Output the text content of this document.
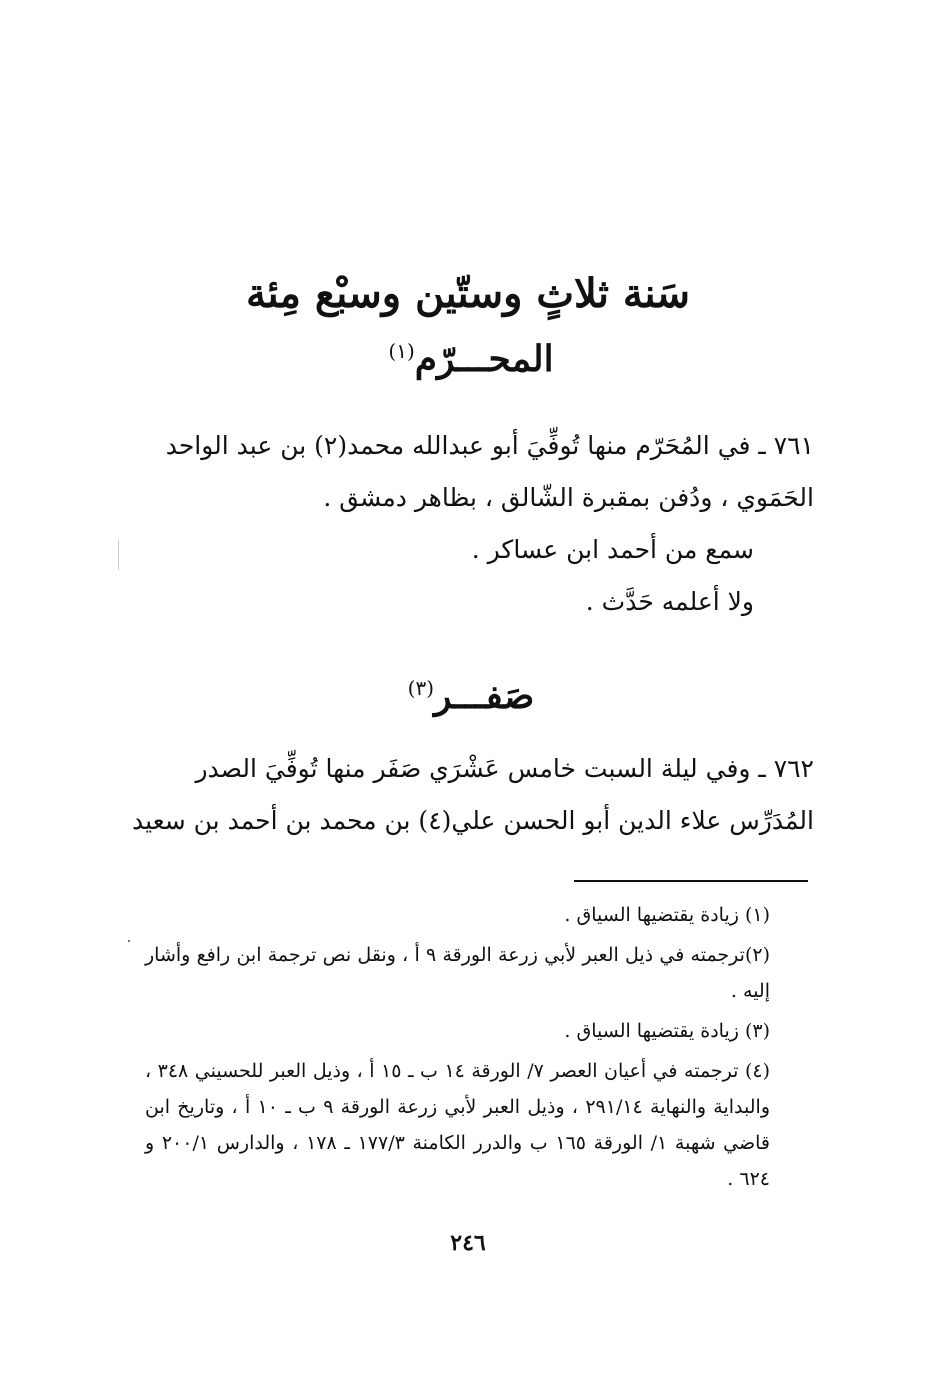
سَنة ثلاثٍ وستّين وسبْع مِئة
المحـــرّم$^{(١)}$
٧٦١ ـ في المُحَرّم منها تُوفِّيَ أبو عبدالله محمد(٢) بن عبد الواحد
الحَمَوي ، ودُفن بمقبرة الشّالق ، بظاهر دمشق .
سمع من أحمد ابن عساكر .
ولا أعلمه حَدَّث .
صَفـــر$^{(٣)}$
٧٦٢ ـ وفي ليلة السبت خامس عَشْرَي صَفَر منها تُوفِّيَ الصدر
المُدَرِّس علاء الدين أبو الحسن علي(٤) بن محمد بن أحمد بن سعيد
(١) زيادة يقتضيها السياق .
(٢)ترجمته في ذيل العبر لأبي زرعة الورقة ٩ أ ، ونقل نص ترجمة ابن رافع وأشار إليه .
(٣) زيادة يقتضيها السياق .
(٤) ترجمته في أعيان العصر ٧/ الورقة ١٤ ب ـ ١٥ أ ، وذيل العبر للحسيني ٣٤٨ ، والبداية والنهاية ٢٩١/١٤ ، وذيل العبر لأبي زرعة الورقة ٩ ب ـ ١٠ أ ، وتاريخ ابن قاضي شهبة ١/ الورقة ١٦٥ ب والدرر الكامنة ١٧٧/٣ ـ ١٧٨ ، والدارس ٢٠٠/١ و ٦٢٤ .
٢٤٦
